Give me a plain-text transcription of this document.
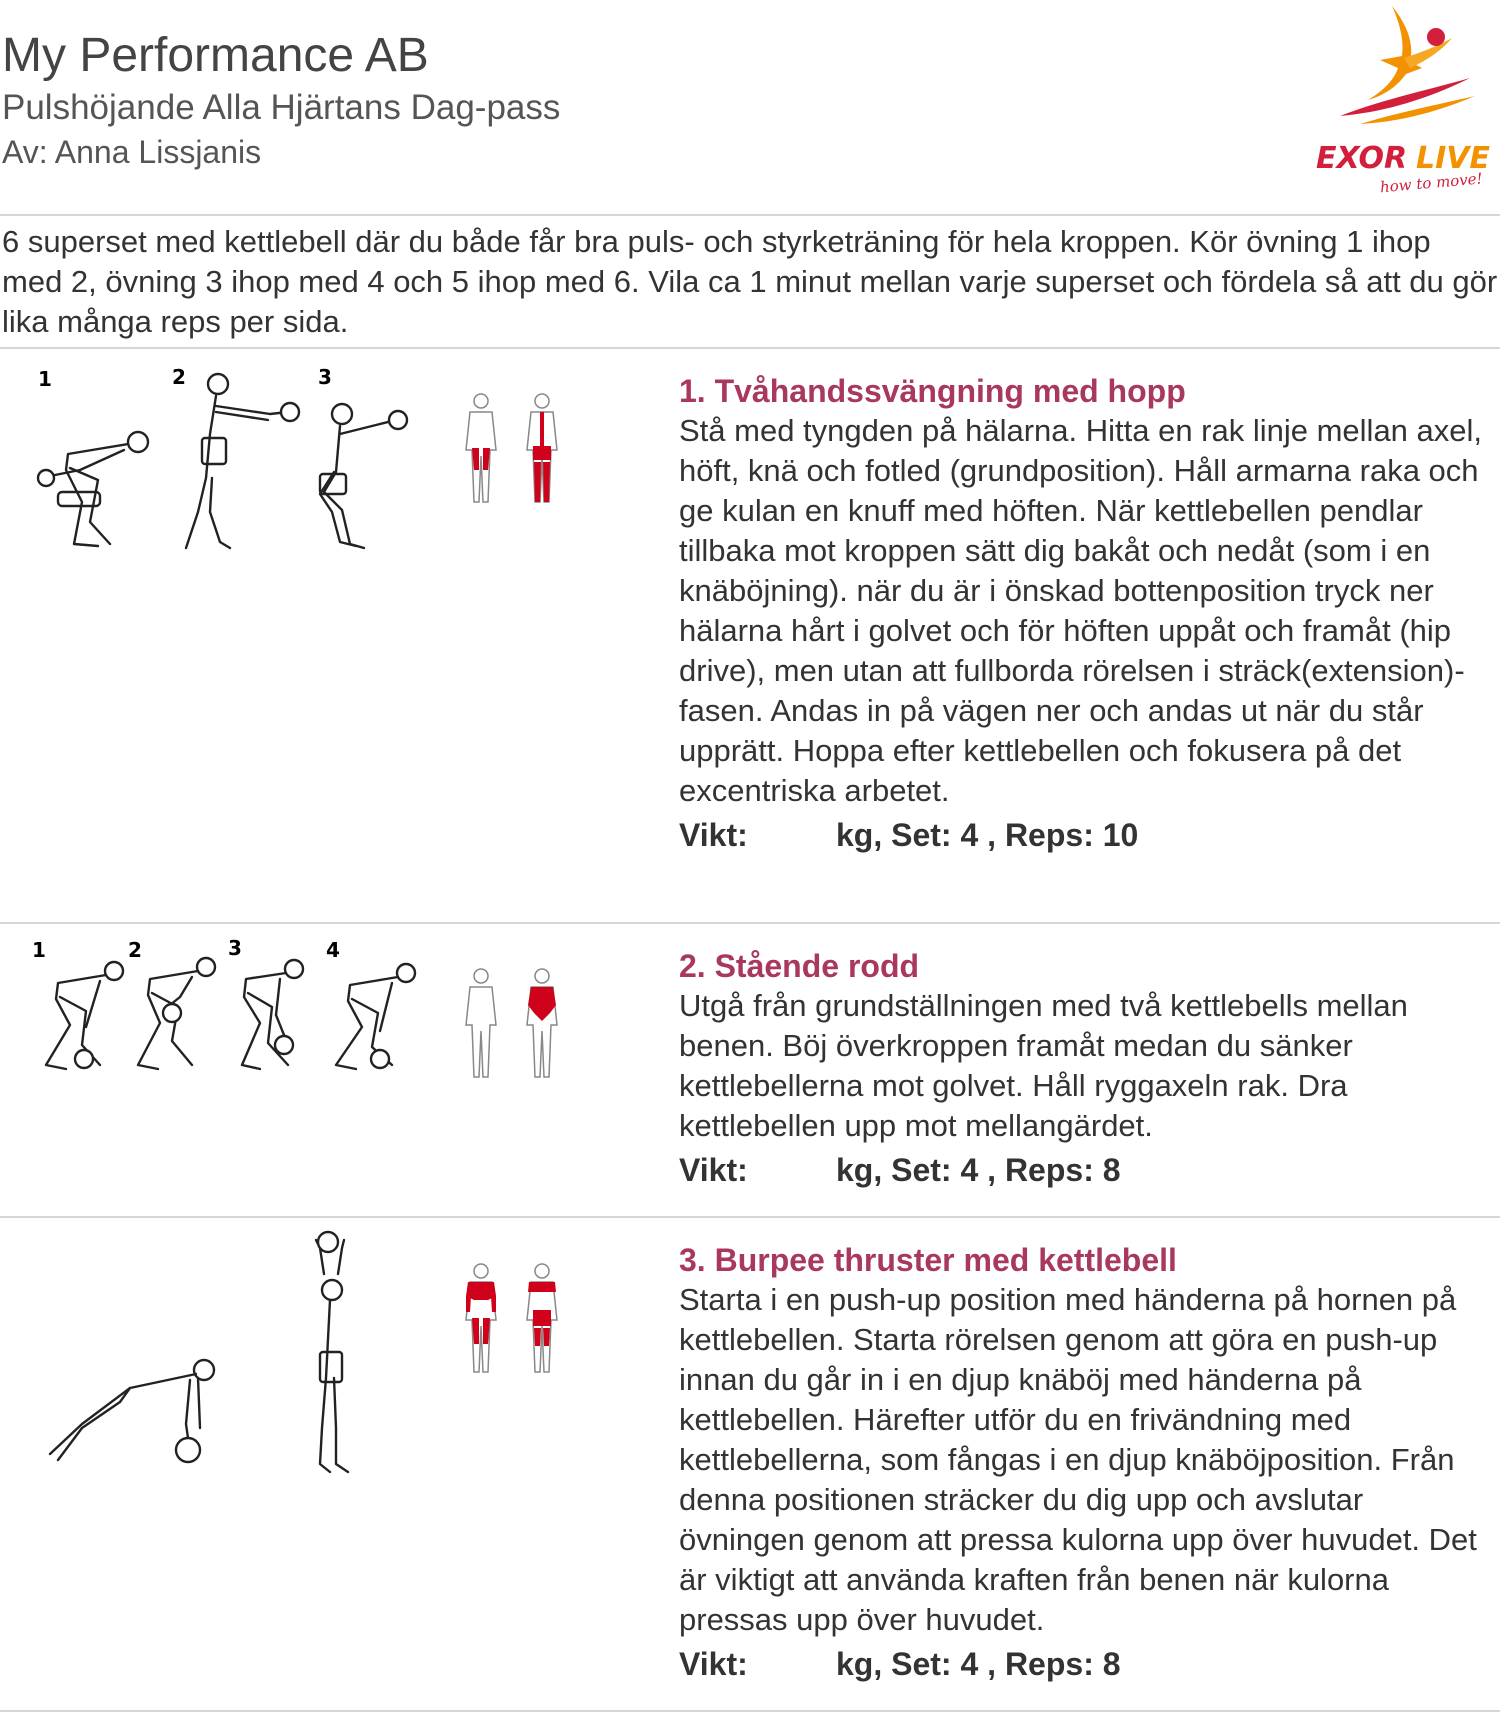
My Performance AB
Pulshöjande Alla Hjärtans Dag-pass
Av: Anna Lissjanis	EXOR LIVE
how to move!
6 superset med kettlebell där du både får bra puls- och styrketräning för hela kroppen. Kör övning 1 ihop med 2, övning 3 ihop med 4 och 5 ihop med 6. Vila ca 1 minut mellan varje superset och fördela så att du gör lika många reps per sida.
1	2	3	1. Tvåhandssvängning med hopp

Stå med tyngden på hälarna. Hitta en rak linje mellan axel, höft, knä och fotled (grundposition). Håll armarna raka och ge kulan en knuff med höften. När kettlebellen pendlar tillbaka mot kroppen sätt dig bakåt och nedåt (som i en knäböjning). när du är i önskad bottenposition tryck ner hälarna hårt i golvet och för höften uppåt och framåt (hip drive), men utan att fullborda rörelsen i sträck(extension)-fasen. Andas in på vägen ner och andas ut när du står upprätt. Hoppa efter kettlebellen och fokusera på det excentriska arbetet.

Vikt:	kg, Set: 4 , Reps: 10
1	2	3	4	2. Stående rodd

Utgå från grundställningen med två kettlebells mellan benen. Böj överkroppen framåt medan du sänker kettlebellerna mot golvet. Håll ryggaxeln rak. Dra kettlebellen upp mot mellangärdet.

Vikt:	kg, Set: 4 , Reps: 8

3. Burpee thruster med kettlebell

Starta i en push-up position med händerna på hornen på kettlebellen. Starta rörelsen genom att göra en push-up innan du går in i en djup knäböj med händerna på kettlebellen. Härefter utför du en frivändning med kettlebellerna, som fångas i en djup knäböjposition. Från denna positionen sträcker du dig upp och avslutar övningen genom att pressa kulorna upp över huvudet. Det är viktigt att använda kraften från benen när kulorna pressas upp över huvudet.

Vikt:	kg, Set: 4 , Reps: 8
